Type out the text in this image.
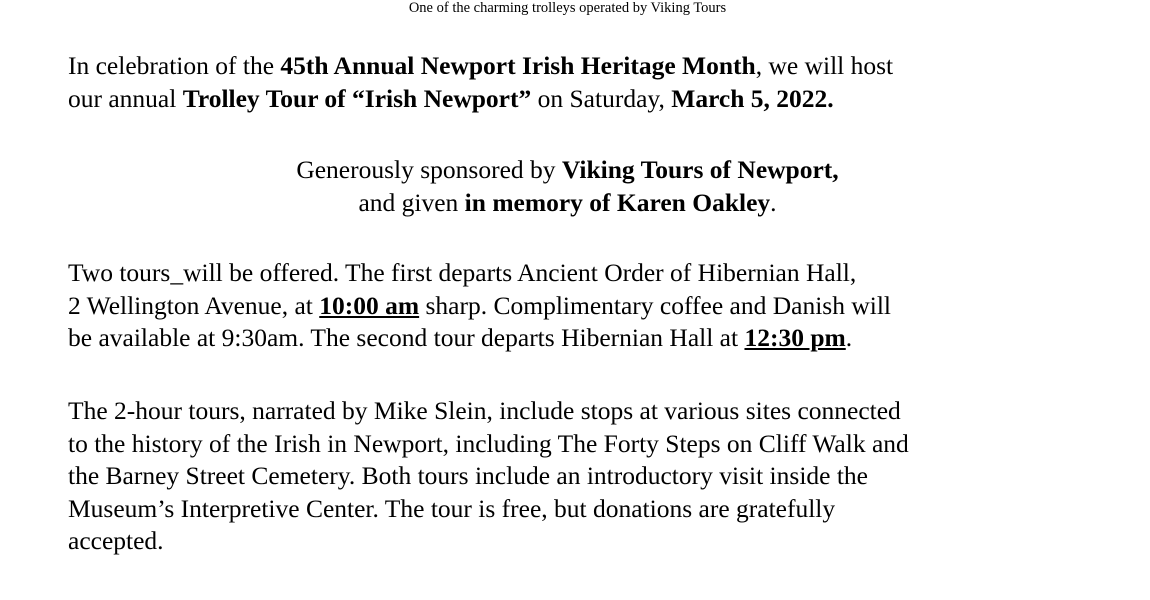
One of the charming trolleys operated by Viking Tours

In celebration of the 45th Annual Newport Irish Heritage Month, we will host
our annual Trolley Tour of “Irish Newport” on Saturday, March 5, 2022.

Generously sponsored by Viking Tours of Newport,
and given in memory of Karen Oakley.

Two tours_will be offered. The first departs Ancient Order of Hibernian Hall,
2 Wellington Avenue, at 10:00 am sharp. Complimentary coffee and Danish will
be available at 9:30am. The second tour departs Hibernian Hall at 12:30 pm.

The 2-hour tours, narrated by Mike Slein, include stops at various sites connected
to the history of the Irish in Newport, including The Forty Steps on Cliff Walk and
the Barney Street Cemetery. Both tours include an introductory visit inside the
Museum’s Interpretive Center. The tour is free, but donations are gratefully
accepted.
